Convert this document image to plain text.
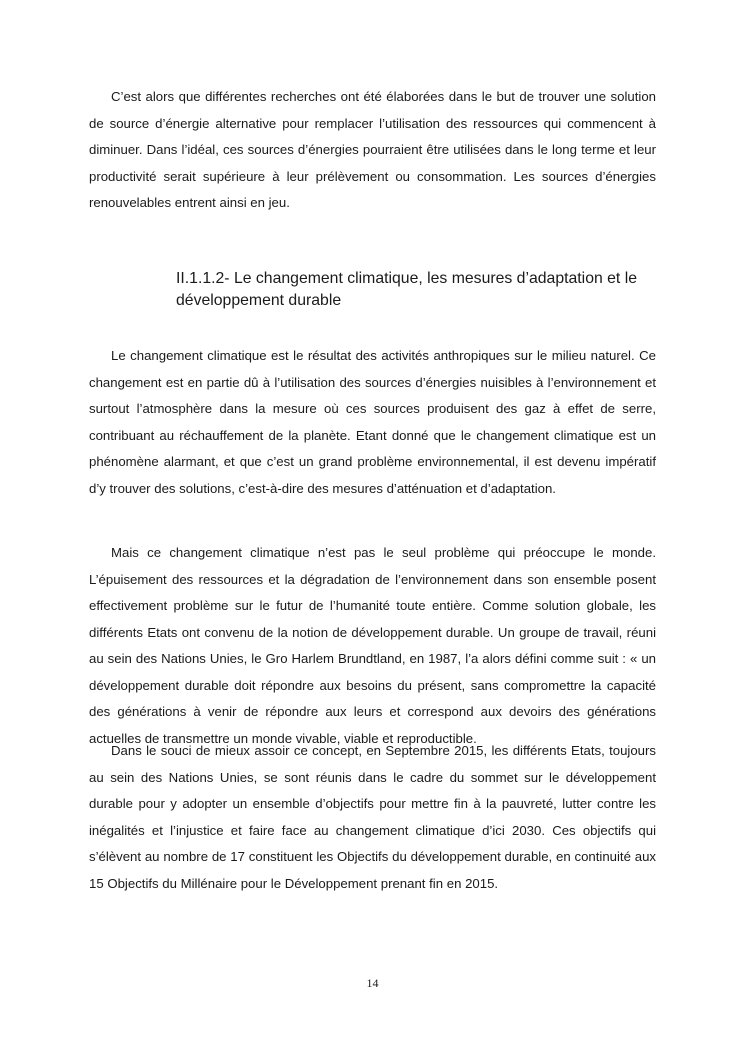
C’est alors que différentes recherches ont été élaborées dans le but de trouver une solution de source d’énergie alternative pour remplacer l’utilisation des ressources qui commencent à diminuer. Dans l’idéal, ces sources d’énergies pourraient être utilisées dans le long terme et leur productivité serait supérieure à leur prélèvement ou consommation. Les sources d’énergies renouvelables entrent ainsi en jeu.

II.1.1.2- Le changement climatique, les mesures d’adaptation et le développement durable

Le changement climatique est le résultat des activités anthropiques sur le milieu naturel. Ce changement est en partie dû à l’utilisation des sources d’énergies nuisibles à l’environnement et surtout l’atmosphère dans la mesure où ces sources produisent des gaz à effet de serre, contribuant au réchauffement de la planète. Etant donné que le changement climatique est un phénomène alarmant, et que c’est un grand problème environnemental, il est devenu impératif d’y trouver des solutions, c’est-à-dire des mesures d’atténuation et d’adaptation.

Mais ce changement climatique n’est pas le seul problème qui préoccupe le monde. L’épuisement des ressources et la dégradation de l’environnement dans son ensemble posent effectivement problème sur le futur de l’humanité toute entière. Comme solution globale, les différents Etats ont convenu de la notion de développement durable. Un groupe de travail, réuni au sein des Nations Unies, le Gro Harlem Brundtland, en 1987, l’a alors défini comme suit : « un développement durable doit répondre aux besoins du présent, sans compromettre la capacité des générations à venir de répondre aux leurs et correspond aux devoirs des générations actuelles de transmettre un monde vivable, viable et reproductible.

Dans le souci de mieux assoir ce concept, en Septembre 2015, les différents Etats, toujours au sein des Nations Unies, se sont réunis dans le cadre du sommet sur le développement durable pour y adopter un ensemble d’objectifs pour mettre fin à la pauvreté, lutter contre les inégalités et l’injustice et faire face au changement climatique d’ici 2030. Ces objectifs qui s’élèvent au nombre de 17 constituent les Objectifs du développement durable, en continuité aux 15 Objectifs du Millénaire pour le Développement prenant fin en 2015.

14
